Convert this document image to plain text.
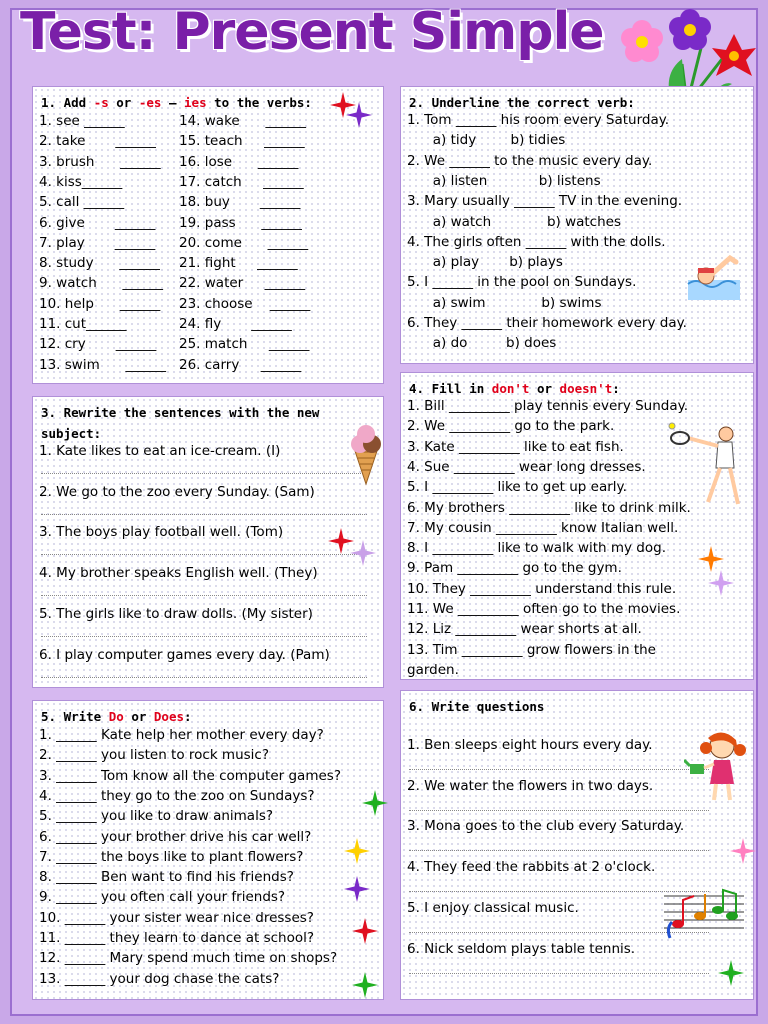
Test: Present Simple
1. Add -s or -es – ies to the verbs:
1. see ______
2. take       ______
3. brush      ______
4. kiss______
5. call ______
6. give       ______
7. play       ______
8. study      ______
9. watch      ______
10. help      ______
11. cut______
12. cry       ______
13. swim      ______
14. wake      ______
15. teach     ______
16. lose      ______
17. catch     ______
18. buy       ______
19. pass      ______
20. come      ______
21. fight     ______
22. water     ______
23. choose    ______
24. fly       ______
25. match     ______
26. carry     ______
2. Underline the correct verb:
1. Tom ______ his room every Saturday.
a) tidy        b) tidies
2. We ______ to the music every day.
a) listen            b) listens
3. Mary usually ______ TV in the evening.
a) watch             b) watches
4. The girls often ______ with the dolls.
a) play       b) plays
5. I ______ in the pool on Sundays.
a) swim             b) swims
6. They ______ their homework every day.
a) do         b) does
3. Rewrite the sentences with the new
subject:
1. Kate likes to eat an ice-cream. (I)
2. We go to the zoo every Sunday. (Sam)
3. The boys play football well. (Tom)
4. My brother speaks English well. (They)
5. The girls like to draw dolls. (My sister)
6. I play computer games every day. (Pam)
4. Fill in don't or doesn't:
1. Bill _________ play tennis every Sunday.
2. We _________ go to the park.
3. Kate _________ like to eat fish.
4. Sue _________ wear long dresses.
5. I _________ like to get up early.
6. My brothers _________ like to drink milk.
7. My cousin _________ know Italian well.
8. I _________ like to walk with my dog.
9. Pam _________ go to the gym.
10. They _________ understand this rule.
11. We _________ often go to the movies.
12. Liz _________ wear shorts at all.
13. Tim _________ grow flowers in the
garden.
5. Write Do or Does:
1. ______ Kate help her mother every day?
2. ______ you listen to rock music?
3. ______ Tom know all the computer games?
4. ______ they go to the zoo on Sundays?
5. ______ you like to draw animals?
6. ______ your brother drive his car well?
7. ______ the boys like to plant flowers?
8. ______ Ben want to find his friends?
9. ______ you often call your friends?
10. ______ your sister wear nice dresses?
11. ______ they learn to dance at school?
12. ______ Mary spend much time on shops?
13. ______ your dog chase the cats?
6. Write questions
1. Ben sleeps eight hours every day.
2. We water the flowers in two days.
3. Mona goes to the club every Saturday.
4. They feed the rabbits at 2 o'clock.
5. I enjoy classical music.
6. Nick seldom plays table tennis.
